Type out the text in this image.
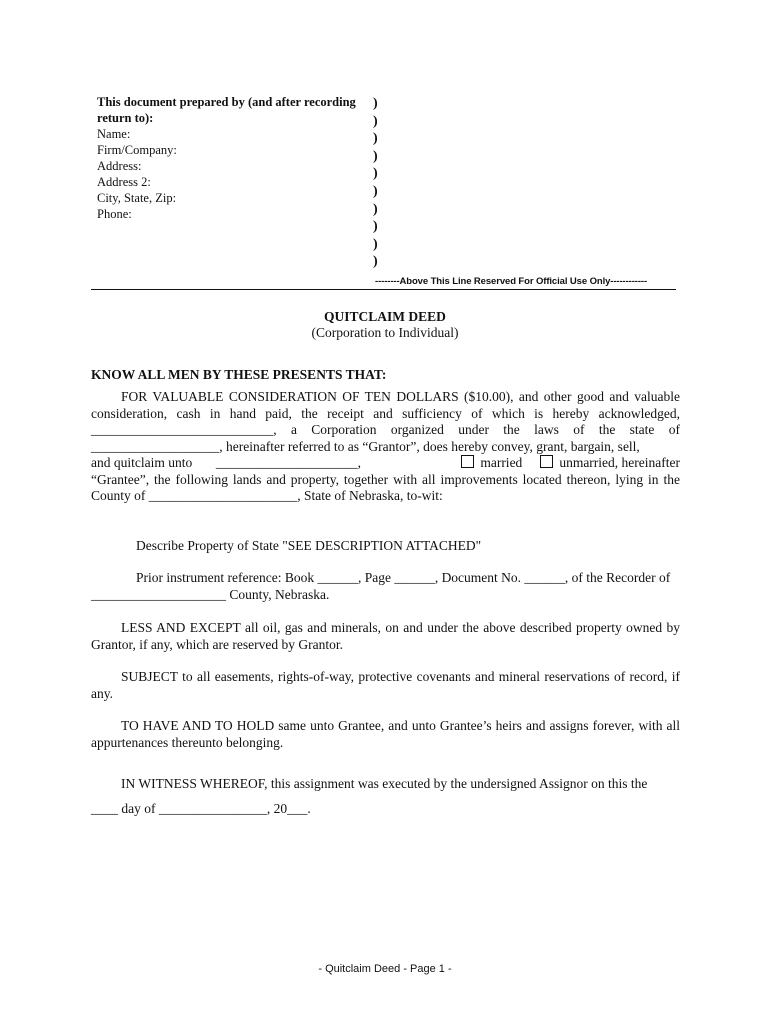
This document prepared by (and after recording
return to):
Name:
Firm/Company:
Address:
Address 2:
City, State, Zip:
Phone:
)
)
)
)
)
)
)
)
)
)
--------Above This Line Reserved For Official Use Only------------
QUITCLAIM DEED
(Corporation to Individual)
KNOW ALL MEN BY THESE PRESENTS THAT:
FOR VALUABLE CONSIDERATION OF TEN DOLLARS ($10.00), and other good and valuable consideration, cash in hand paid, the receipt and sufficiency of which is hereby acknowledged, ___________________________, a Corporation organized under the laws of the state of ___________________, hereinafter referred to as “Grantor”, does hereby convey, grant, bargain, sell,
and quitclaim unto _____________________,	married	unmarried, hereinafter
“Grantee”, the following lands and property, together with all improvements located thereon, lying in the County of ______________________, State of Nebraska, to-wit:
Describe Property of State "SEE DESCRIPTION ATTACHED"
Prior instrument reference: Book ______, Page ______, Document No. ______, of the Recorder of
____________________ County, Nebraska.
LESS AND EXCEPT all oil, gas and minerals, on and under the above described property owned by Grantor, if any, which are reserved by Grantor.
SUBJECT to all easements, rights-of-way, protective covenants and mineral reservations of record, if any.
TO HAVE AND TO HOLD same unto Grantee, and unto Grantee’s heirs and assigns forever, with all appurtenances thereunto belonging.
IN WITNESS WHEREOF, this assignment was executed by the undersigned Assignor on this the
____ day of ________________, 20___.
- Quitclaim Deed - Page 1 -
